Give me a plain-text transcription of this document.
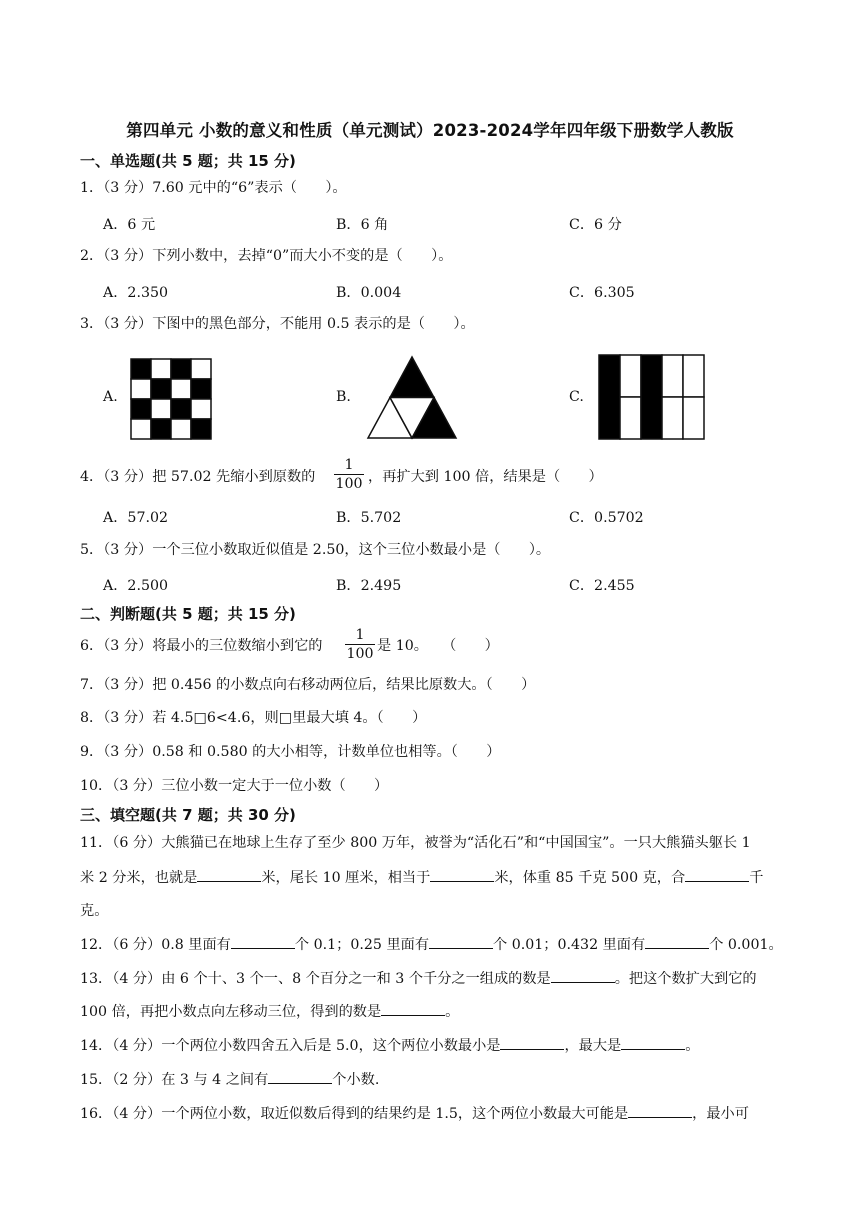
第四单元 小数的意义和性质（单元测试）2023-2024学年四年级下册数学人教版
一、单选题(共 5 题；共 15 分)
1．（3 分）7.60 元中的“6”表示（　　）。
A．6 元	B．6 角	C．6 分
2．（3 分）下列小数中，去掉“0”而大小不变的是（　　）。
A．2.350	B．0.004	C．6.305
3．（3 分）下图中的黑色部分，不能用 0.5 表示的是（　　）。
A.	B.	C.
4．（3 分）把 57.02 先缩小到原数的
1
100 ，再扩大到 100 倍，结果是（　　）
A．57.02	B．5.702	C．0.5702
5．（3 分）一个三位小数取近似值是 2.50，这个三位小数最小是（　　）。
A．2.500	B．2.495	C．2.455
二、判断题(共 5 题；共 15 分)
6．（3 分）将最小的三位数缩小到它的
1
100 是 10。　　（　　）
7．（3 分）把 0.456 的小数点向右移动两位后，结果比原数大。（　　）
8．（3 分）若 4.5□6<4.6，则□里最大填 4。（　　）
9．（3 分）0.58 和 0.580 的大小相等，计数单位也相等。（　　）
10．（3 分）三位小数一定大于一位小数（　　）
三、填空题(共 7 题；共 30 分)
11．（6 分）大熊猫已在地球上生存了至少 800 万年，被誉为“活化石”和“中国国宝”。一只大熊猫头躯长 1
米 2 分米，也就是	米，尾长 10 厘米，相当于	米，体重 85 千克 500 克，合	千
克。
12．（6 分）0.8 里面有	个 0.1；0.25 里面有	个 0.01；0.432 里面有	个 0.001。
13．（4 分）由 6 个十、3 个一、8 个百分之一和 3 个千分之一组成的数是	。把这个数扩大到它的
100 倍，再把小数点向左移动三位，得到的数是	。
14．（4 分）一个两位小数四舍五入后是 5.0，这个两位小数最小是	，最大是	。
15．（2 分）在 3 与 4 之间有	个小数.
16．（4 分）一个两位小数，取近似数后得到的结果约是 1.5，这个两位小数最大可能是	，最小可
